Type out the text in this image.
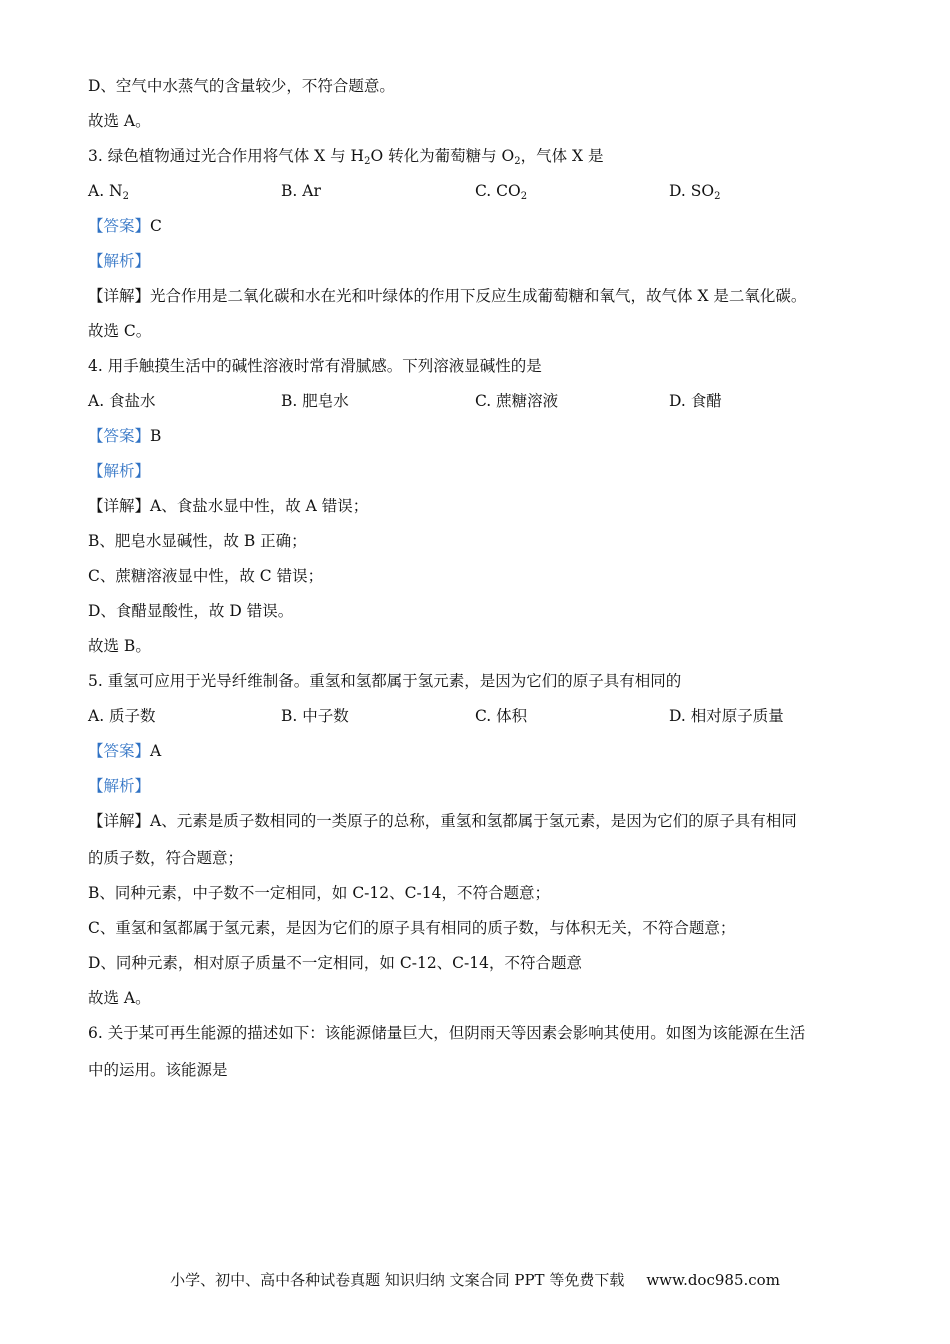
D、空气中水蒸气的含量较少，不符合题意。
故选 A。
3. 绿色植物通过光合作用将气体 X 与 $H_2O$ 转化为葡萄糖与 $O_2$，气体 X 是
A. $N_2$	B. Ar	C. $CO_2$	D. $SO_2$
【答案】C
【解析】
【详解】光合作用是二氧化碳和水在光和叶绿体的作用下反应生成葡萄糖和氧气，故气体 X 是二氧化碳。
故选 C。
4. 用手触摸生活中的碱性溶液时常有滑腻感。下列溶液显碱性的是
A. 食盐水	B. 肥皂水	C. 蔗糖溶液	D. 食醋
【答案】B
【解析】
【详解】A、食盐水显中性，故 A 错误；
B、肥皂水显碱性，故 B 正确；
C、蔗糖溶液显中性，故 C 错误；
D、食醋显酸性，故 D 错误。
故选 B。
5. 重氢可应用于光导纤维制备。重氢和氢都属于氢元素，是因为它们的原子具有相同的
A. 质子数	B. 中子数	C. 体积	D. 相对原子质量
【答案】A
【解析】
【详解】A、元素是质子数相同的一类原子的总称，重氢和氢都属于氢元素，是因为它们的原子具有相同
的质子数，符合题意；
B、同种元素，中子数不一定相同，如 C-12、C-14，不符合题意；
C、重氢和氢都属于氢元素，是因为它们的原子具有相同的质子数，与体积无关，不符合题意；
D、同种元素，相对原子质量不一定相同，如 C-12、C-14，不符合题意
故选 A。
6. 关于某可再生能源的描述如下：该能源储量巨大，但阴雨天等因素会影响其使用。如图为该能源在生活
中的运用。该能源是
小学、初中、高中各种试卷真题 知识归纳 文案合同 PPT 等免费下载 www.doc985.com
